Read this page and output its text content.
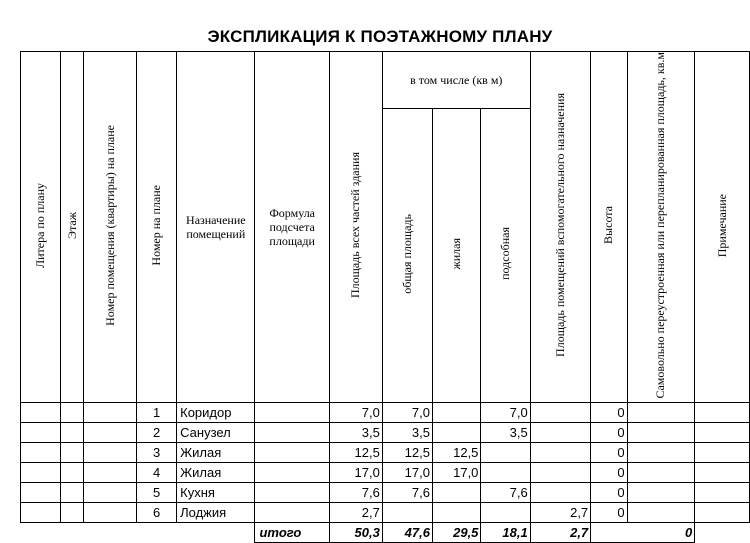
ЭКСПЛИКАЦИЯ К ПОЭТАЖНОМУ ПЛАНУ
Литера по плану	Этаж	Номер помещения (квартиры) на плане	Номер на плане	Назначение помещений	Формула подсчета площади	Площадь всех частей здания	в том числе (кв м)			Площадь помещений вспомогательного назначения	Высота	Самовольно переустроенная или перепланированная площадь, кв.м	Примечание
							общая площадь	жилая	подсобная				
			1	Коридор		7,0	7,0		7,0		0		
			2	Санузел		3,5	3,5		3,5		0		
			3	Жилая		12,5	12,5	12,5			0		
			4	Жилая		17,0	17,0	17,0			0		
			5	Кухня		7,6	7,6		7,6		0		
			6	Лоджия		2,7				2,7	0		
					итого	50,3	47,6	29,5	18,1	2,7	0		
